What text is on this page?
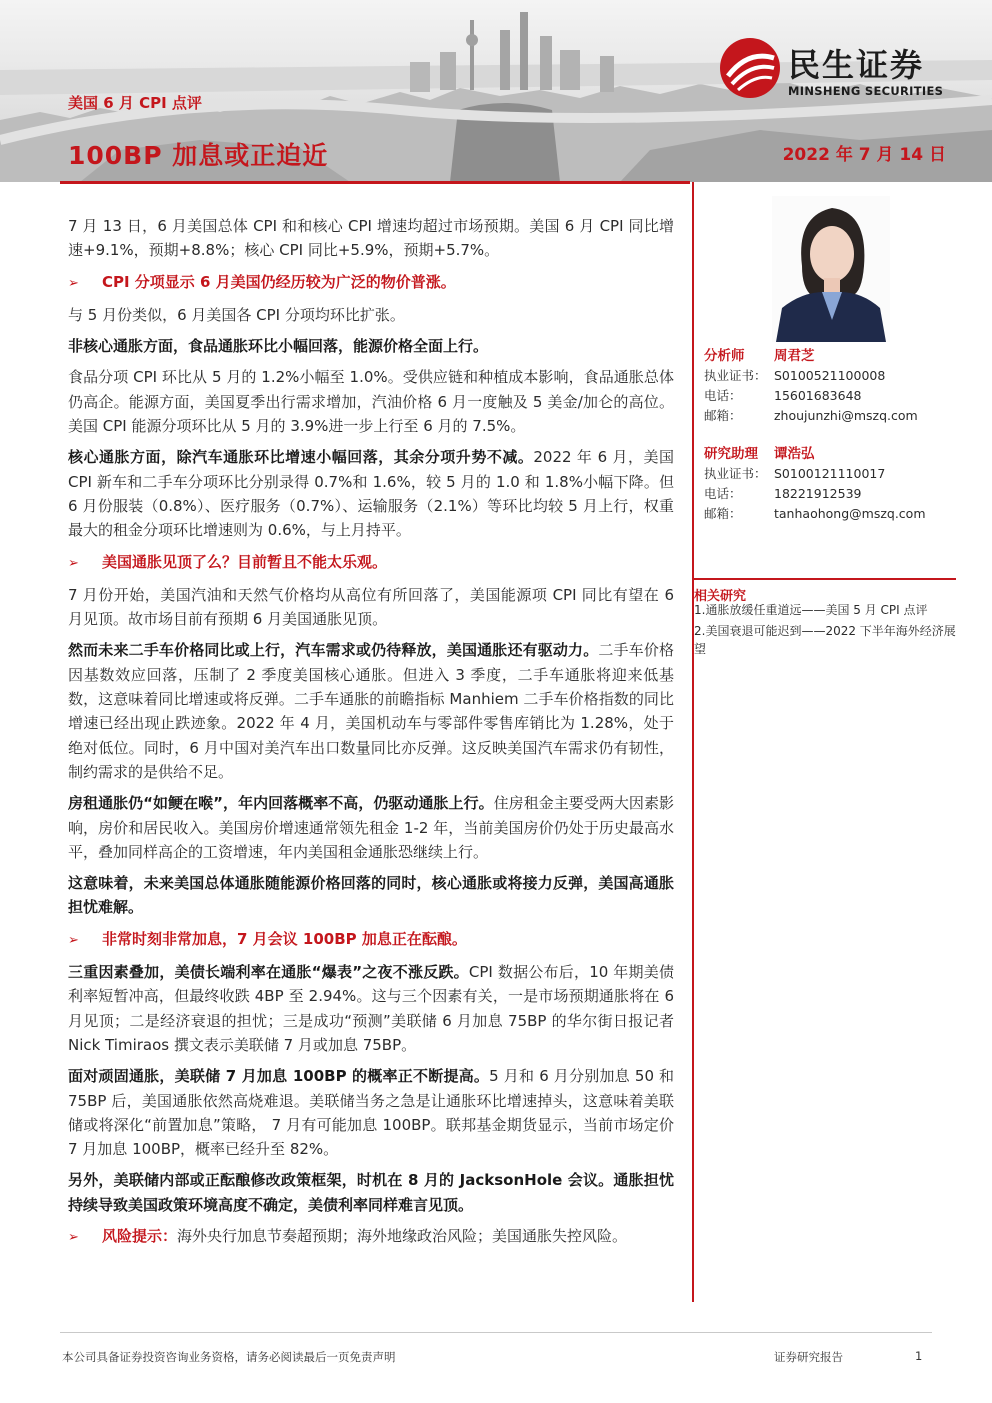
美国 6 月 CPI 点评
100BP 加息或正迫近	2022 年 7 月 14 日
民生证券
MINSHENG SECURITIES

7 月 13 日，6 月美国总体 CPI 和和核心 CPI 增速均超过市场预期。美国 6 月 CPI 同比增速+9.1%，预期+8.8%；核心 CPI 同比+5.9%，预期+5.7%。

➢ CPI 分项显示 6 月美国仍经历较为广泛的物价普涨。

与 5 月份类似，6 月美国各 CPI 分项均环比扩张。

非核心通胀方面，食品通胀环比小幅回落，能源价格全面上行。

食品分项 CPI 环比从 5 月的 1.2%小幅至 1.0%。受供应链和种植成本影响，食品通胀总体仍高企。能源方面，美国夏季出行需求增加，汽油价格 6 月一度触及 5 美金/加仑的高位。美国 CPI 能源分项环比从 5 月的 3.9%进一步上行至 6 月的 7.5%。

核心通胀方面，除汽车通胀环比增速小幅回落，其余分项升势不减。2022 年 6 月，美国 CPI 新车和二手车分项环比分别录得 0.7%和 1.6%，较 5 月的 1.0 和 1.8%小幅下降。但 6 月份服装（0.8%）、医疗服务（0.7%）、运输服务（2.1%）等环比均较 5 月上行，权重最大的租金分项环比增速则为 0.6%，与上月持平。

➢ 美国通胀见顶了么？目前暂且不能太乐观。

7 月份开始，美国汽油和天然气价格均从高位有所回落了，美国能源项 CPI 同比有望在 6 月见顶。故市场目前有预期 6 月美国通胀见顶。

然而未来二手车价格同比或上行，汽车需求或仍待释放，美国通胀还有驱动力。二手车价格因基数效应回落，压制了 2 季度美国核心通胀。但进入 3 季度，二手车通胀将迎来低基数，这意味着同比增速或将反弹。二手车通胀的前瞻指标 Manhiem 二手车价格指数的同比增速已经出现止跌迹象。2022 年 4 月，美国机动车与零部件零售库销比为 1.28%，处于绝对低位。同时，6 月中国对美汽车出口数量同比亦反弹。这反映美国汽车需求仍有韧性，制约需求的是供给不足。

房租通胀仍“如鲠在喉”，年内回落概率不高，仍驱动通胀上行。住房租金主要受两大因素影响，房价和居民收入。美国房价增速通常领先租金 1-2 年，当前美国房价仍处于历史最高水平，叠加同样高企的工资增速，年内美国租金通胀恐继续上行。

这意味着，未来美国总体通胀随能源价格回落的同时，核心通胀或将接力反弹，美国高通胀担忧难解。

➢ 非常时刻非常加息，7 月会议 100BP 加息正在酝酿。

三重因素叠加，美债长端利率在通胀“爆表”之夜不涨反跌。CPI 数据公布后，10 年期美债利率短暂冲高，但最终收跌 4BP 至 2.94%。这与三个因素有关，一是市场预期通胀将在 6 月见顶；二是经济衰退的担忧；三是成功“预测”美联储 6 月加息 75BP 的华尔街日报记者 Nick Timiraos 撰文表示美联储 7 月或加息 75BP。

面对顽固通胀，美联储 7 月加息 100BP 的概率正不断提高。5 月和 6 月分别加息 50 和 75BP 后，美国通胀依然高烧难退。美联储当务之急是让通胀环比增速掉头，这意味着美联储或将深化“前置加息”策略， 7 月有可能加息 100BP。联邦基金期货显示，当前市场定价 7 月加息 100BP，概率已经升至 82%。

另外，美联储内部或正酝酿修改政策框架，时机在 8 月的 JacksonHole 会议。通胀担忧持续导致美国政策环境高度不确定，美债利率同样难言见顶。

➢ 风险提示：海外央行加息节奏超预期；海外地缘政治风险；美国通胀失控风险。
分析师	周君芝
执业证书： S0100521100008
电话：	15601683648
邮箱：	zhoujunzhi@mszq.com
研究助理	谭浩弘
执业证书： S0100121110017
电话：	18221912539
邮箱：	tanhaohong@mszq.com
相关研究
1.通胀放缓任重道远——美国 5 月 CPI 点评
2.美国衰退可能迟到——2022 下半年海外经济展望
本公司具备证券投资咨询业务资格，请务必阅读最后一页免责声明	证券研究报告	1
